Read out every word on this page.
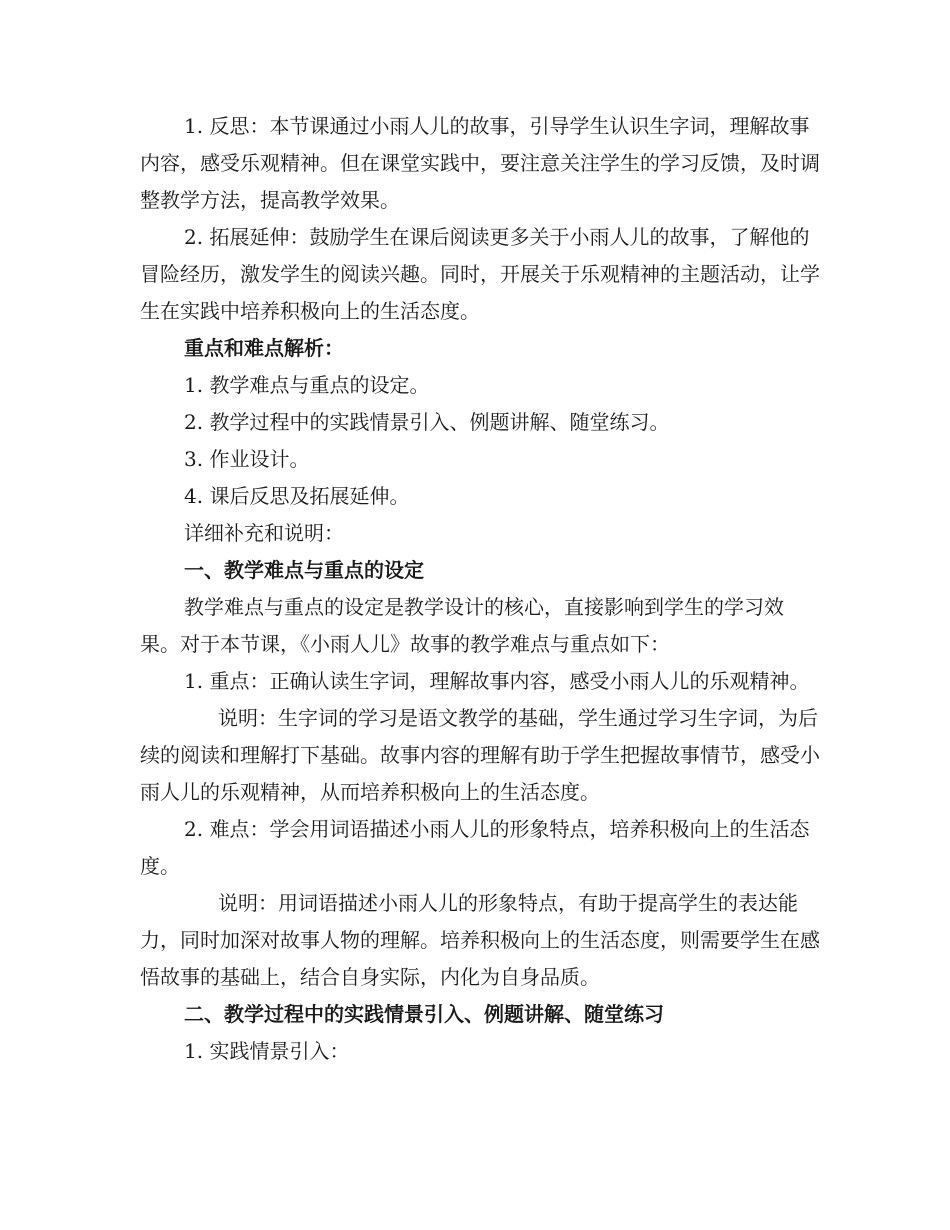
1. 反思：本节课通过小雨人儿的故事，引导学生认识生字词，理解故事内容，感受乐观精神。但在课堂实践中，要注意关注学生的学习反馈，及时调整教学方法，提高教学效果。

2. 拓展延伸：鼓励学生在课后阅读更多关于小雨人儿的故事，了解他的冒险经历，激发学生的阅读兴趣。同时，开展关于乐观精神的主题活动，让学生在实践中培养积极向上的生活态度。

重点和难点解析：

1. 教学难点与重点的设定。

2. 教学过程中的实践情景引入、例题讲解、随堂练习。

3. 作业设计。

4. 课后反思及拓展延伸。

详细补充和说明：

一、教学难点与重点的设定

教学难点与重点的设定是教学设计的核心，直接影响到学生的学习效果。对于本节课，《小雨人儿》故事的教学难点与重点如下：

1. 重点：正确认读生字词，理解故事内容，感受小雨人儿的乐观精神。

说明：生字词的学习是语文教学的基础，学生通过学习生字词，为后续的阅读和理解打下基础。故事内容的理解有助于学生把握故事情节，感受小雨人儿的乐观精神，从而培养积极向上的生活态度。

2. 难点：学会用词语描述小雨人儿的形象特点，培养积极向上的生活态度。

说明：用词语描述小雨人儿的形象特点，有助于提高学生的表达能力，同时加深对故事人物的理解。培养积极向上的生活态度，则需要学生在感悟故事的基础上，结合自身实际，内化为自身品质。

二、教学过程中的实践情景引入、例题讲解、随堂练习

1. 实践情景引入：
